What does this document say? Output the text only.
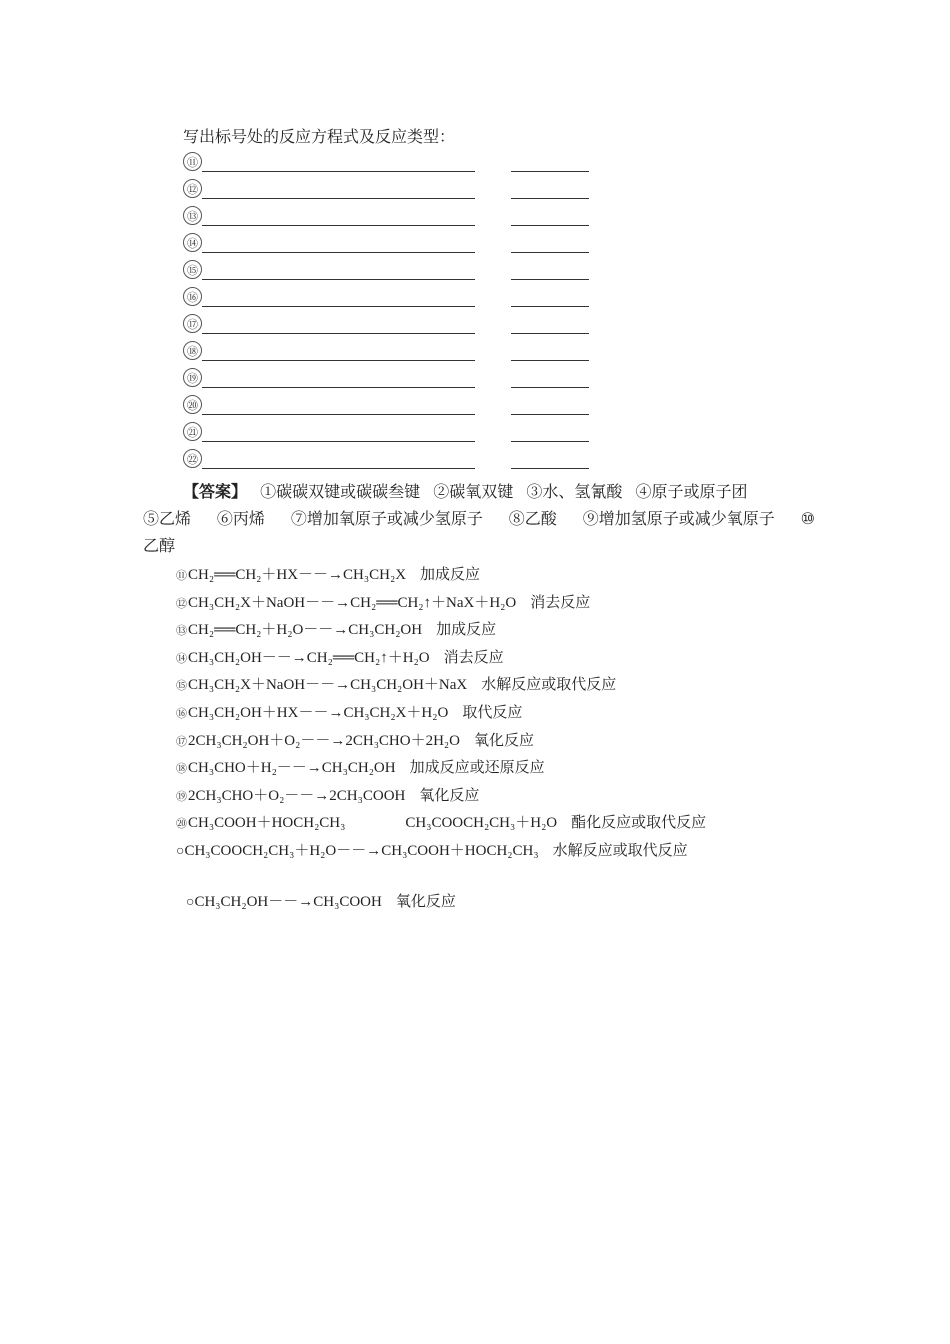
写出标号处的反应方程式及反应类型：
⑪
⑫
⑬
⑭
⑮
⑯
⑰
⑱
⑲
⑳
㉑
㉒

【答案】 ①碳碳双键或碳碳叁键 ②碳氧双键 ③水、氢氰酸 ④原子或原子团

⑤乙烯 ⑥丙烯 ⑦增加氧原子或减少氢原子 ⑧乙酸 ⑨增加氢原子或减少氧原子 ⑩
乙醇
⑪CH₂══CH₂＋HX－－→CH₃CH₂X 加成反应
⑫CH₃CH₂X＋NaOH－－→CH₂══CH₂↑＋NaX＋H₂O 消去反应
⑬CH₂══CH₂＋H₂O－－→CH₃CH₂OH 加成反应
⑭CH₃CH₂OH－－→CH₂══CH₂↑＋H₂O 消去反应
⑮CH₃CH₂X＋NaOH－－→CH₃CH₂OH＋NaX 水解反应或取代反应
⑯CH₃CH₂OH＋HX－－→CH₃CH₂X＋H₂O 取代反应
⑰2CH₃CH₂OH＋O₂－－→2CH₃CHO＋2H₂O 氧化反应
⑱CH₃CHO＋H₂－－→CH₃CH₂OH 加成反应或还原反应
⑲2CH₃CHO＋O₂－－→2CH₃COOH 氧化反应
⑳CH₃COOH＋HOCH₂CH₃	CH₃COOCH₂CH₃＋H₂O 酯化反应或取代反应
○CH₃COOCH₂CH₃＋H₂O－－→CH₃COOH＋HOCH₂CH₃ 水解反应或取代反应
○CH₃CH₂OH－－→CH₃COOH 氧化反应
